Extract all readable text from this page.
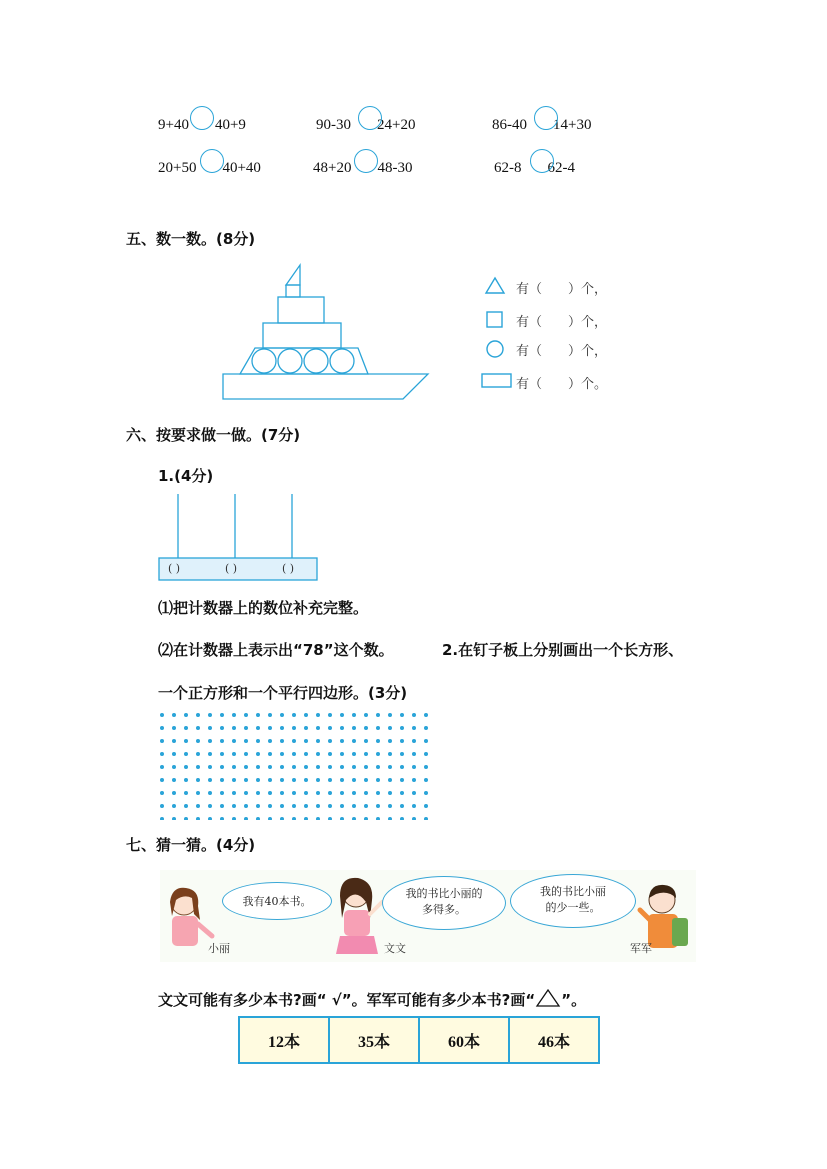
9+40 40+9	90-30 24+20	86-40 14+30
20+50 40+40	48+20 48-30	62-8 62-4
五、数一数。(8分)
有（　　）个，
有（　　）个，
有（　　）个，
有（　　）个。
六、按要求做一做。(7分)
1.(4分)
( )	( )	( )
⑴把计数器上的数位补充完整。
⑵在计数器上表示出“78”这个数。	2.在钉子板上分别画出一个长方形、
一个正方形和一个平行四边形。(3分)
七、猜一猜。(4分)
我有40本书。
我的书比小丽的多得多。
我的书比小丽的少一些。
小丽	文文	军军
文文可能有多少本书?画“ √”。军军可能有多少本书?画“ ”。
12本	35本	60本	46本
